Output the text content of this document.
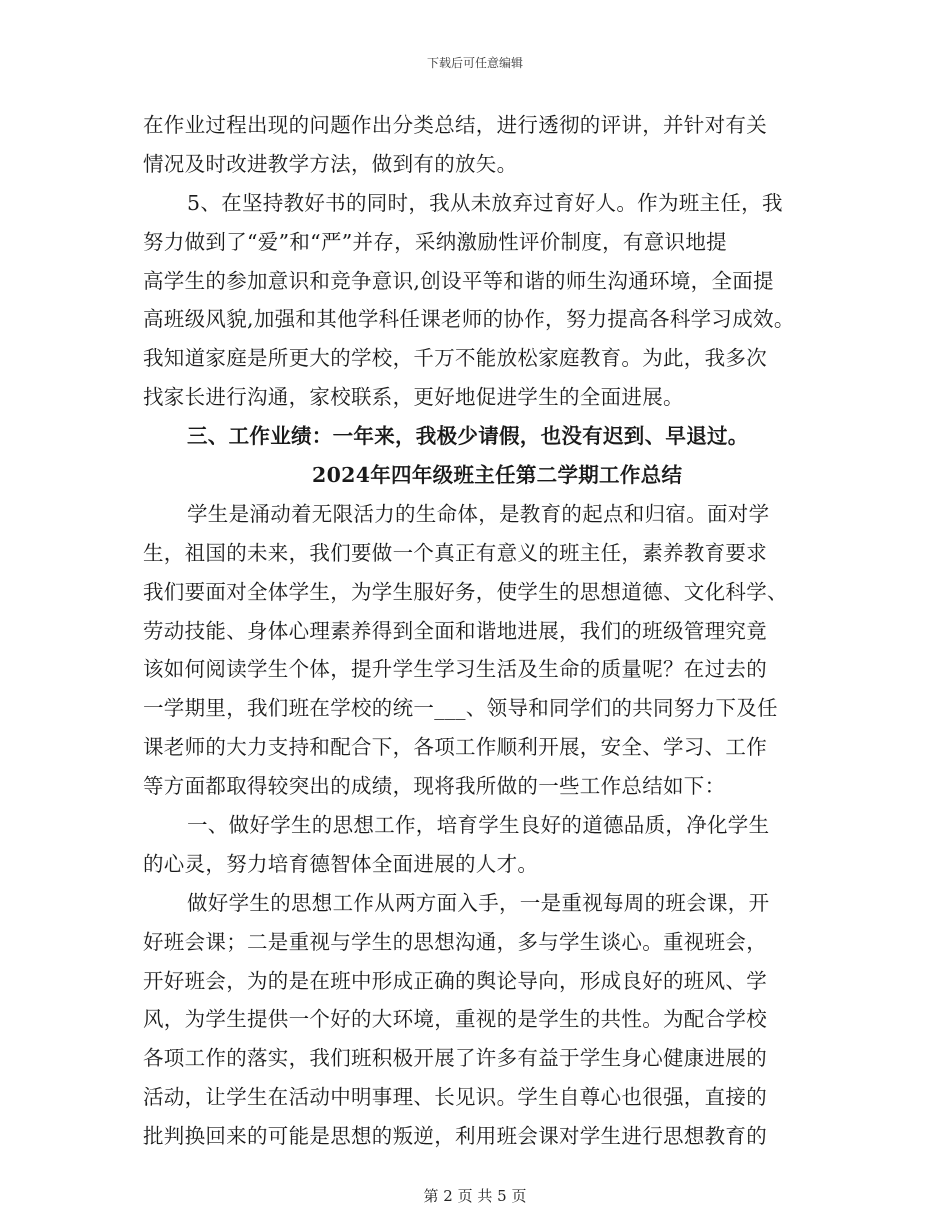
下载后可任意编辑
在作业过程出现的问题作出分类总结，进行透彻的评讲，并针对有关
情况及时改进教学方法，做到有的放矢。
5、在坚持教好书的同时，我从未放弃过育好人。作为班主任，我
努力做到了“爱”和“严”并存，采纳激励性评价制度，有意识地提
高学生的参加意识和竞争意识,创设平等和谐的师生沟通环境，全面提
高班级风貌,加强和其他学科任课老师的协作，努力提高各科学习成效。
我知道家庭是所更大的学校，千万不能放松家庭教育。为此，我多次
找家长进行沟通，家校联系，更好地促进学生的全面进展。
三、工作业绩：一年来，我极少请假，也没有迟到、早退过。
2024年四年级班主任第二学期工作总结
学生是涌动着无限活力的生命体，是教育的起点和归宿。面对学
生，祖国的未来，我们要做一个真正有意义的班主任，素养教育要求
我们要面对全体学生，为学生服好务，使学生的思想道德、文化科学、
劳动技能、身体心理素养得到全面和谐地进展，我们的班级管理究竟
该如何阅读学生个体，提升学生学习生活及生命的质量呢？在过去的
一学期里，我们班在学校的统一___、领导和同学们的共同努力下及任
课老师的大力支持和配合下，各项工作顺利开展，安全、学习、工作
等方面都取得较突出的成绩，现将我所做的一些工作总结如下：
一、做好学生的思想工作，培育学生良好的道德品质，净化学生
的心灵，努力培育德智体全面进展的人才。
做好学生的思想工作从两方面入手，一是重视每周的班会课，开
好班会课；二是重视与学生的思想沟通，多与学生谈心。重视班会，
开好班会，为的是在班中形成正确的舆论导向，形成良好的班风、学
风，为学生提供一个好的大环境，重视的是学生的共性。为配合学校
各项工作的落实，我们班积极开展了许多有益于学生身心健康进展的
活动，让学生在活动中明事理、长见识。学生自尊心也很强，直接的
批判换回来的可能是思想的叛逆，利用班会课对学生进行思想教育的
第 2 页 共 5 页
